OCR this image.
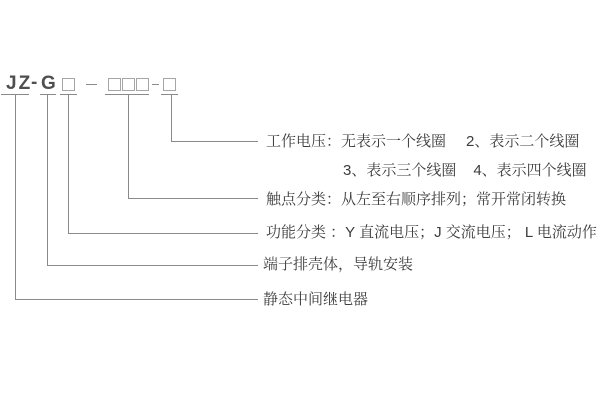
JZ
- G
工作电压：无表示一个线圈 2、表示二个线圈
3、表示三个线圈 4、表示四个线圈
触点分类：从左至右顺序排列；常开常闭转换
功能分类 ：Y 直流电压；J 交流电压； L 电流动作
端子排壳体，导轨安装
静态中间继电器
